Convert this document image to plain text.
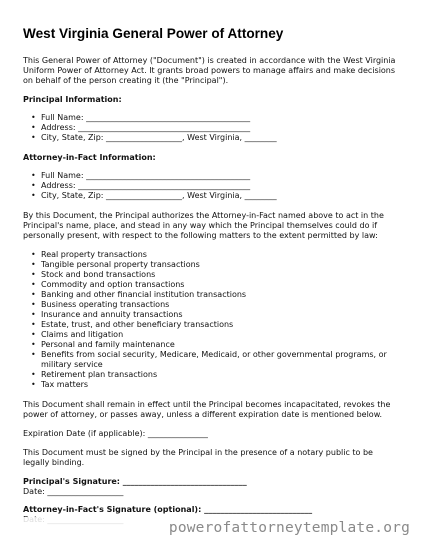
West Virginia General Power of Attorney

This General Power of Attorney ("Document") is created in accordance with the West Virginia Uniform Power of Attorney Act. It grants broad powers to manage affairs and make decisions on behalf of the person creating it (the "Principal").

Principal Information:
• Full Name: _________________________________________
• Address: ___________________________________________
• City, State, Zip: ___________________, West Virginia, ________
Attorney-in-Fact Information:
• Full Name: _________________________________________
• Address: ___________________________________________
• City, State, Zip: ___________________, West Virginia, ________

By this Document, the Principal authorizes the Attorney-in-Fact named above to act in the Principal's name, place, and stead in any way which the Principal themselves could do if personally present, with respect to the following matters to the extent permitted by law:

• Real property transactions
• Tangible personal property transactions
• Stock and bond transactions
• Commodity and option transactions
• Banking and other financial institution transactions
• Business operating transactions
• Insurance and annuity transactions
• Estate, trust, and other beneficiary transactions
• Claims and litigation
• Personal and family maintenance
• Benefits from social security, Medicare, Medicaid, or other governmental programs, or military service
• Retirement plan transactions
• Tax matters

This Document shall remain in effect until the Principal becomes incapacitated, revokes the power of attorney, or passes away, unless a different expiration date is mentioned below.

Expiration Date (if applicable): _______________

This Document must be signed by the Principal in the presence of a notary public to be legally binding.

Principal's Signature: _______________________________

Date: ___________________

Attorney-in-Fact's Signature (optional): ___________________________

powerofattorneytemplate.org
